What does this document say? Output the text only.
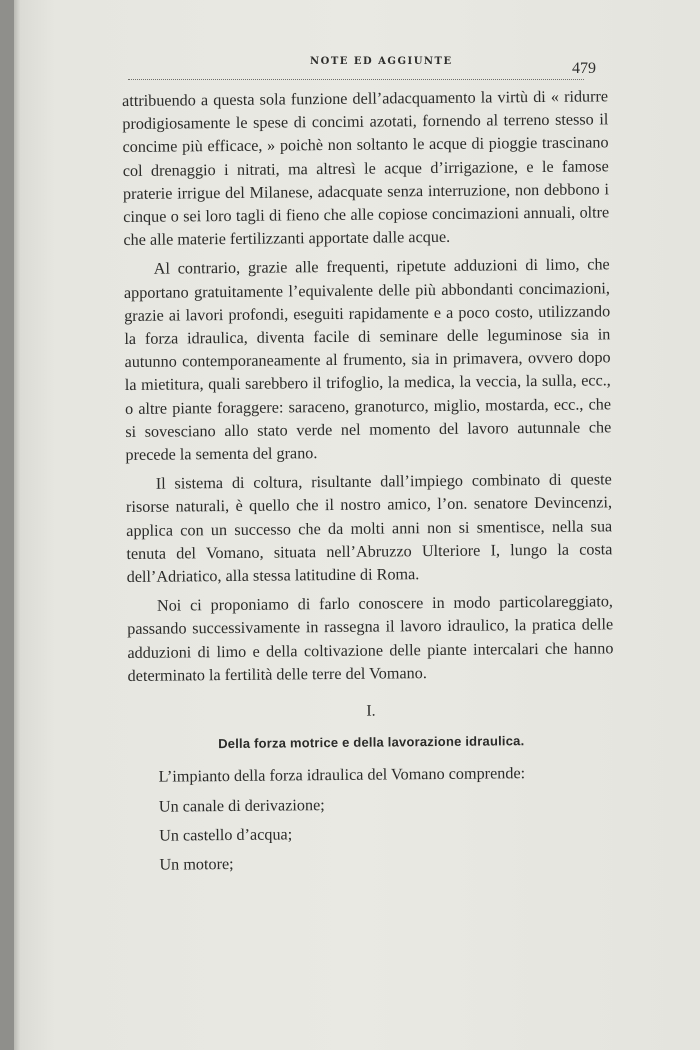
NOTE ED AGGIUNTE	479

attribuendo a questa sola funzione dell’adacquamento la virtù di « ridurre prodigiosamente le spese di concimi azotati, fornendo al terreno stesso il concime più efficace, » poichè non soltanto le acque di pioggie trascinano col drenaggio i nitrati, ma altresì le acque d’irrigazione, e le famose praterie irrigue del Milanese, adacquate senza interruzione, non debbono i cinque o sei loro tagli di fieno che alle copiose concimazioni annuali, oltre che alle materie fertilizzanti apportate dalle acque.

Al contrario, grazie alle frequenti, ripetute adduzioni di limo, che apportano gratuitamente l’equivalente delle più abbondanti concimazioni, grazie ai lavori profondi, eseguiti rapidamente e a poco costo, utilizzando la forza idraulica, diventa facile di seminare delle leguminose sia in autunno contemporaneamente al frumento, sia in primavera, ovvero dopo la mietitura, quali sarebbero il trifoglio, la medica, la veccia, la sulla, ecc., o altre piante foraggere: saraceno, granoturco, miglio, mostarda, ecc., che si sovesciano allo stato verde nel momento del lavoro autunnale che precede la sementa del grano.

Il sistema di coltura, risultante dall’impiego combinato di queste risorse naturali, è quello che il nostro amico, l’on. senatore Devincenzi, applica con un successo che da molti anni non si smentisce, nella sua tenuta del Vomano, situata nell’Abruzzo Ulteriore I, lungo la costa dell’Adriatico, alla stessa latitudine di Roma.

Noi ci proponiamo di farlo conoscere in modo particolareggiato, passando successivamente in rassegna il lavoro idraulico, la pratica delle adduzioni di limo e della coltivazione delle piante intercalari che hanno determinato la fertilità delle terre del Vomano.

I.
Della forza motrice e della lavorazione idraulica.

L’impianto della forza idraulica del Vomano comprende:

Un canale di derivazione;

Un castello d’acqua;

Un motore;
